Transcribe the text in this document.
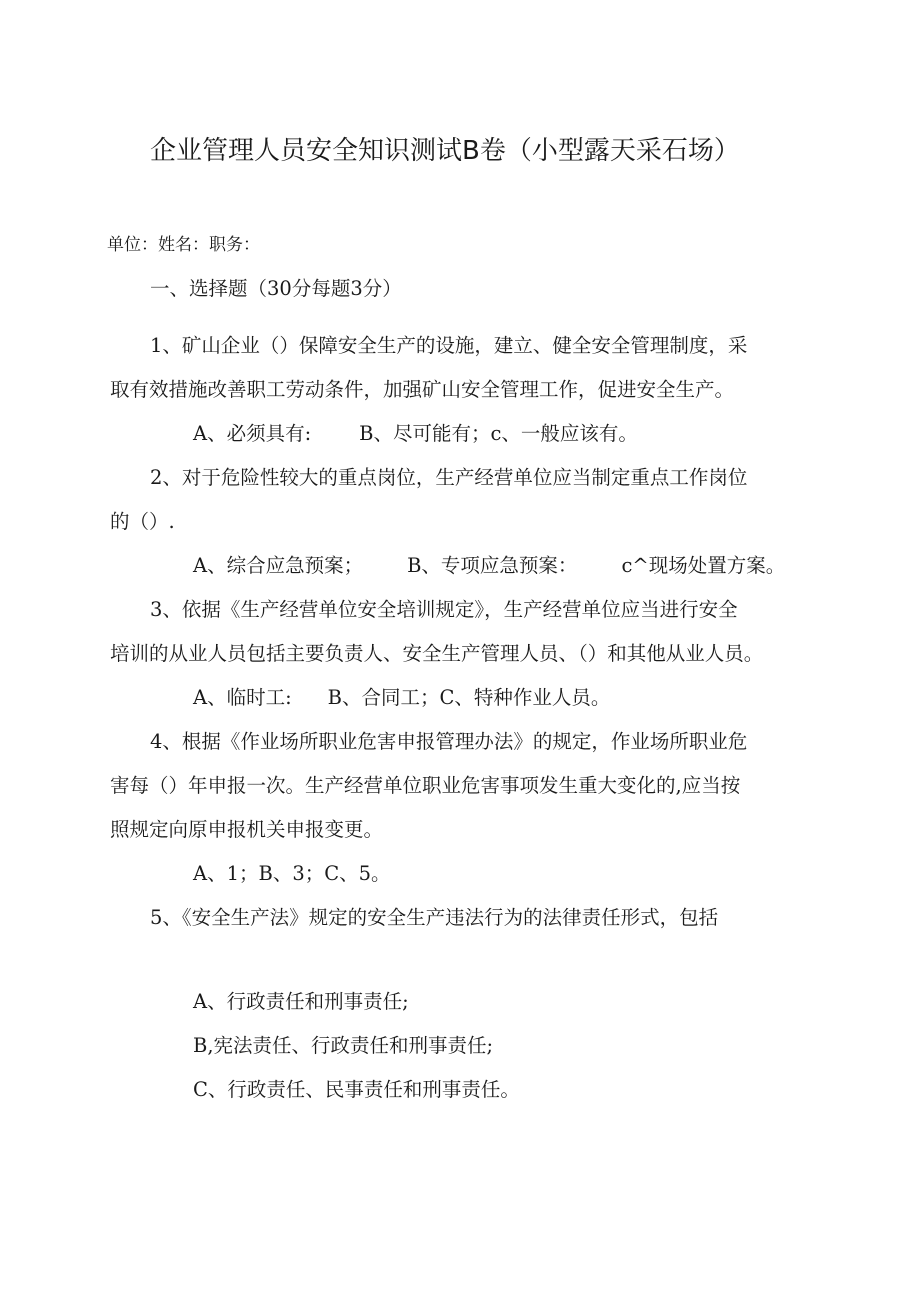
企业管理人员安全知识测试B卷（小型露天采石场）
单位：姓名：职务：
一、选择题（30分每题3分）
1、矿山企业（）保障安全生产的设施，建立、健全安全管理制度，采
取有效措施改善职工劳动条件，加强矿山安全管理工作，促进安全生产。
A、必须具有: B、尽可能有；c、一般应该有。
2、对于危险性较大的重点岗位，生产经营单位应当制定重点工作岗位
的（）.
A、综合应急预案； B、专项应急预案： c^现场处置方案。
3、依据《生产经营单位安全培训规定》，生产经营单位应当进行安全
培训的从业人员包括主要负责人、安全生产管理人员、（）和其他从业人员。
A、临时工: B、合同工；C、特种作业人员。
4、根据《作业场所职业危害申报管理办法》的规定，作业场所职业危
害每（）年申报一次。生产经营单位职业危害事项发生重大变化的,应当按
照规定向原申报机关申报变更。
A、1；B、3；C、5。
5、《安全生产法》规定的安全生产违法行为的法律责任形式，包括
A、行政责任和刑事责任;
B,宪法责任、行政责任和刑事责任;
C、行政责任、民事责任和刑事责任。
